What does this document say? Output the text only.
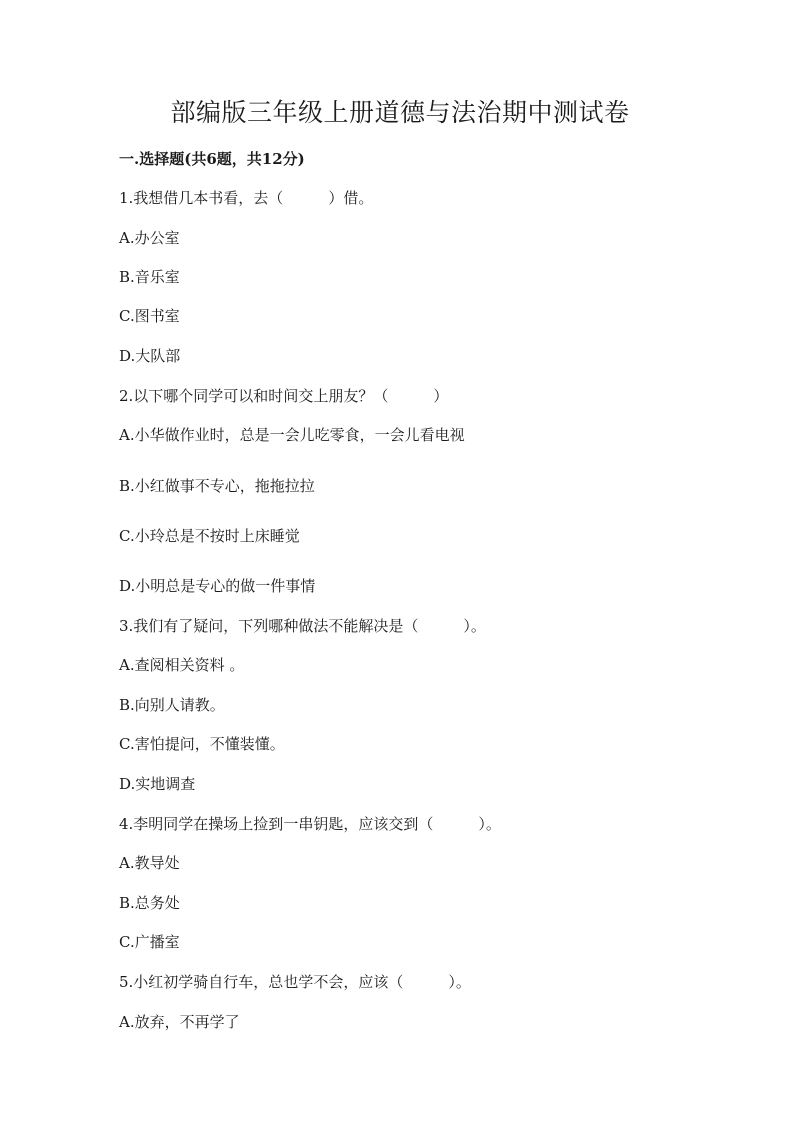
部编版三年级上册道德与法治期中测试卷

一.选择题(共6题，共12分)

1.我想借几本书看，去（　　　）借。

A.办公室

B.音乐室

C.图书室

D.大队部

2.以下哪个同学可以和时间交上朋友？（　　　）

A.小华做作业时，总是一会儿吃零食，一会儿看电视

B.小红做事不专心，拖拖拉拉

C.小玲总是不按时上床睡觉

D.小明总是专心的做一件事情

3.我们有了疑问，下列哪种做法不能解决是（　　　）。

A.查阅相关资料 。

B.向别人请教。

C.害怕提问，不懂装懂。

D.实地调查

4.李明同学在操场上捡到一串钥匙，应该交到（　　　）。

A.教导处

B.总务处

C.广播室

5.小红初学骑自行车，总也学不会，应该（　　　）。

A.放弃，不再学了
